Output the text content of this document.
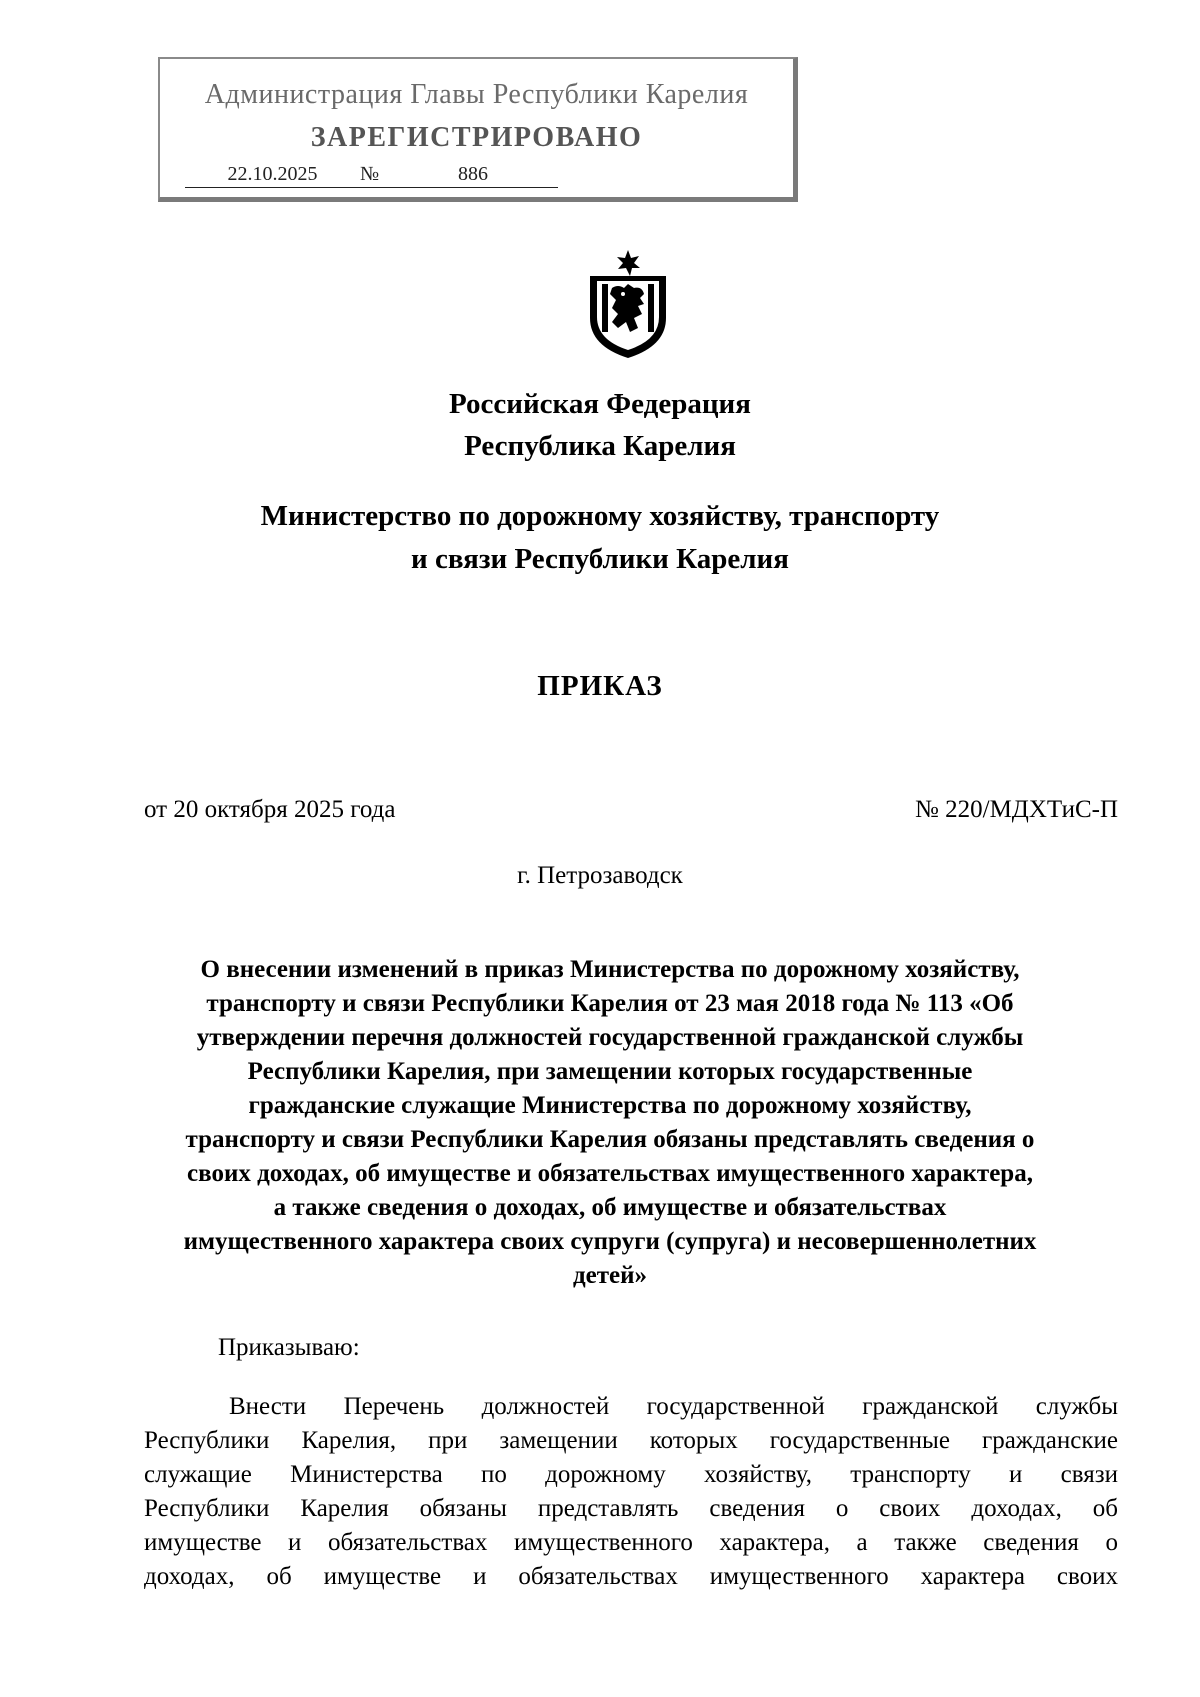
Администрация Главы Республики Карелия
ЗАРЕГИСТРИРОВАНО
22.10.2025	№	886
Российская Федерация
Республика Карелия
Министерство по дорожному хозяйству, транспорту
и связи Республики Карелия
ПРИКАЗ
от 20 октября 2025 года	№ 220/МДХТиС-П
г. Петрозаводск
О внесении изменений в приказ Министерства по дорожному хозяйству,
транспорту и связи Республики Карелия от 23 мая 2018 года № 113 «Об
утверждении перечня должностей государственной гражданской службы
Республики Карелия, при замещении которых государственные
гражданские служащие Министерства по дорожному хозяйству,
транспорту и связи Республики Карелия обязаны представлять сведения о
своих доходах, об имуществе и обязательствах имущественного характера,
а также сведения о доходах, об имуществе и обязательствах
имущественного характера своих супруги (супруга) и несовершеннолетних
детей»
Приказываю:
Внести Перечень должностей государственной гражданской службы
Республики Карелия, при замещении которых государственные гражданские
служащие Министерства по дорожному хозяйству, транспорту и связи
Республики Карелия обязаны представлять сведения о своих доходах, об
имуществе и обязательствах имущественного характера, а также сведения о
доходах, об имуществе и обязательствах имущественного характера своих
